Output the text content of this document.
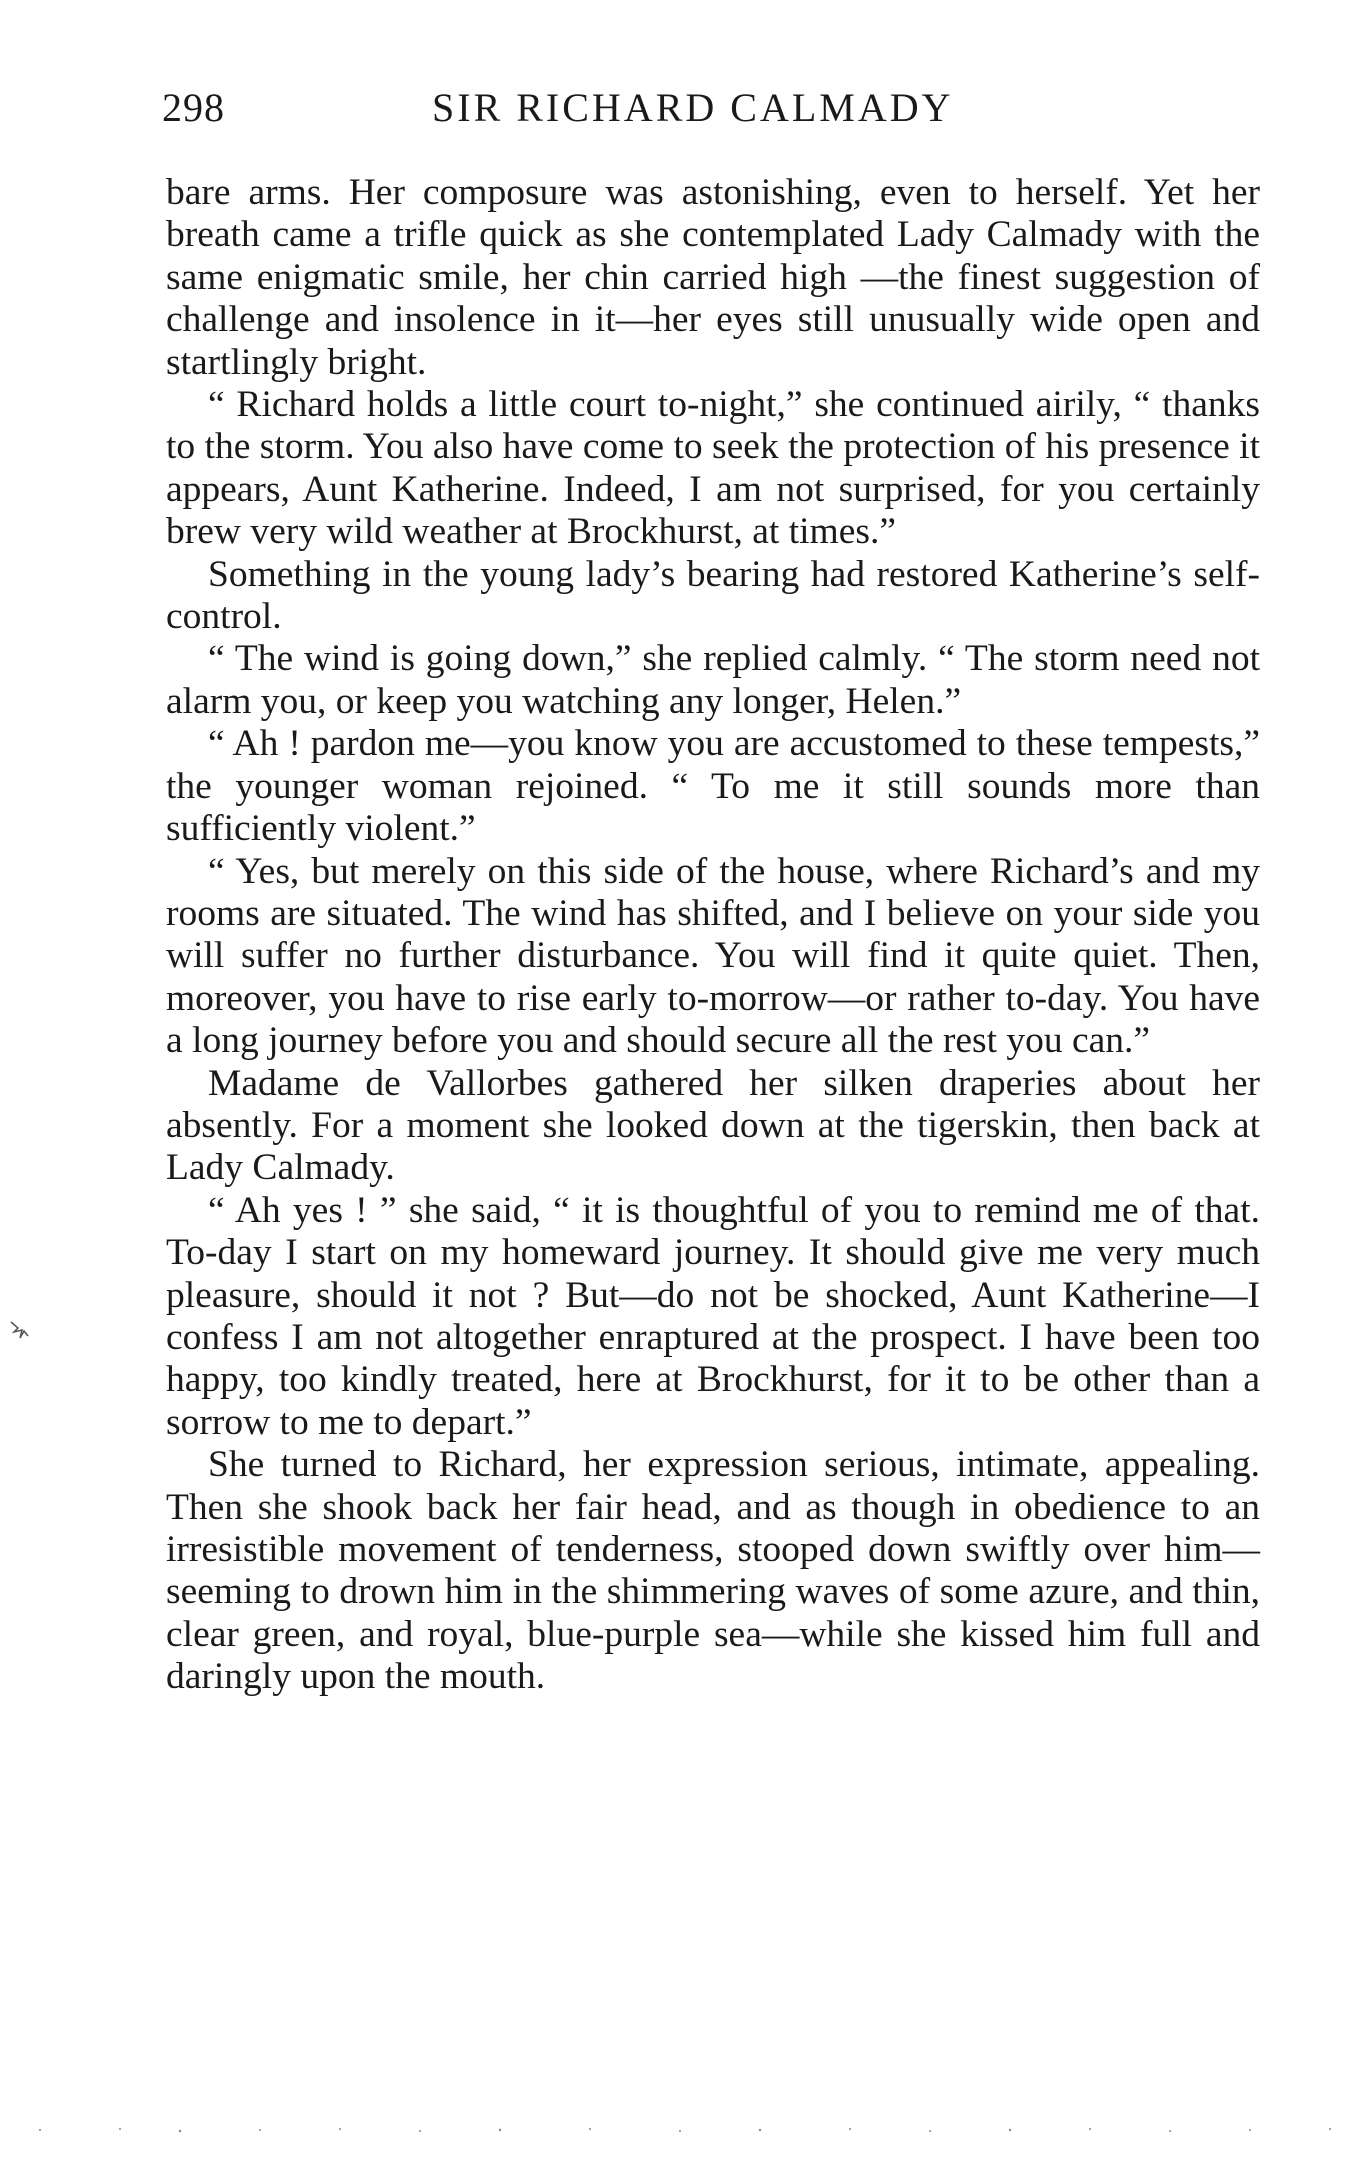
298	SIR RICHARD CALMADY

bare arms. Her composure was astonishing, even to herself. Yet her breath came a trifle quick as she contemplated Lady Calmady with the same enigmatic smile, her chin carried high —the finest suggestion of challenge and insolence in it—her eyes still unusually wide open and startlingly bright.

“ Richard holds a little court to-night,” she continued airily, “ thanks to the storm. You also have come to seek the protection of his presence it appears, Aunt Katherine. Indeed, I am not surprised, for you certainly brew very wild weather at Brockhurst, at times.”

Something in the young lady’s bearing had restored Katherine’s self-control.

“ The wind is going down,” she replied calmly. “ The storm need not alarm you, or keep you watching any longer, Helen.”

“ Ah ! pardon me—you know you are accustomed to these tempests,” the younger woman rejoined. “ To me it still sounds more than sufficiently violent.”

“ Yes, but merely on this side of the house, where Richard’s and my rooms are situated. The wind has shifted, and I believe on your side you will suffer no further disturbance. You will find it quite quiet. Then, moreover, you have to rise early to-morrow—or rather to-day. You have a long journey before you and should secure all the rest you can.”

Madame de Vallorbes gathered her silken draperies about her absently. For a moment she looked down at the tigerskin, then back at Lady Calmady.

“ Ah yes ! ” she said, “ it is thoughtful of you to remind me of that. To-day I start on my homeward journey. It should give me very much pleasure, should it not ? But—do not be shocked, Aunt Katherine—I confess I am not altogether enraptured at the prospect. I have been too happy, too kindly treated, here at Brockhurst, for it to be other than a sorrow to me to depart.”

She turned to Richard, her expression serious, intimate, appealing. Then she shook back her fair head, and as though in obedience to an irresistible movement of tenderness, stooped down swiftly over him—seeming to drown him in the shimmering waves of some azure, and thin, clear green, and royal, blue-purple sea—while she kissed him full and daringly upon the mouth.
